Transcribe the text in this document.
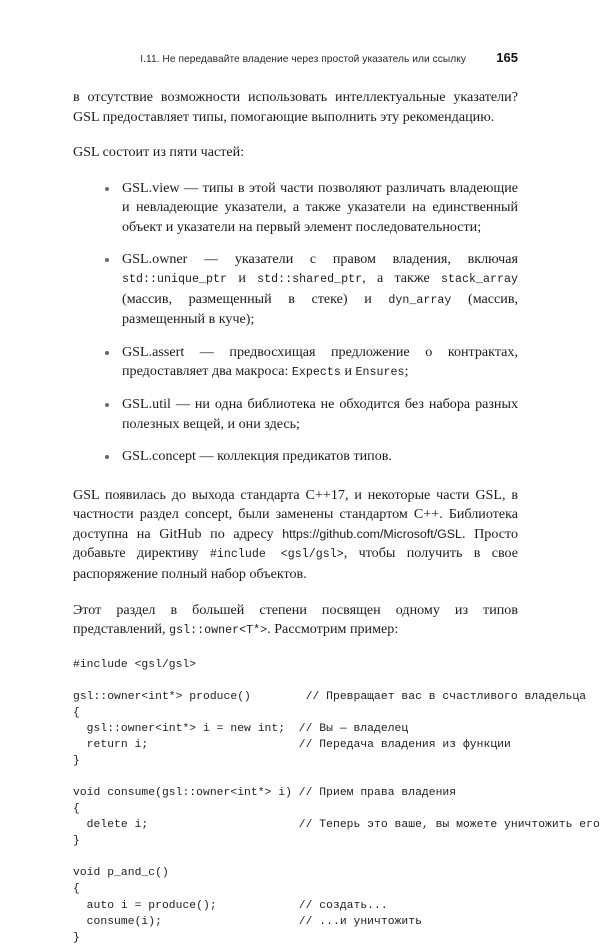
I.11. Не передавайте владение через простой указатель или ссылку	165

в отсутствие возможности использовать интеллектуальные указатели? GSL предоставляет типы, помогающие выполнить эту рекомендацию.

GSL состоит из пяти частей:

GSL.view — типы в этой части позволяют различать владеющие и невладеющие указатели, а также указатели на единственный объект и указатели на первый элемент последовательности;
GSL.owner — указатели с правом владения, включая std::unique_ptr и std::shared_ptr, а также stack_array (массив, размещенный в стеке) и dyn_array (массив, размещенный в куче);
GSL.assert — предвосхищая предложение о контрактах, предоставляет два макроса: Expects и Ensures;
GSL.util — ни одна библиотека не обходится без набора разных полезных вещей, и они здесь;
GSL.concept — коллекция предикатов типов.

GSL появилась до выхода стандарта C++17, и некоторые части GSL, в частности раздел concept, были заменены стандартом C++. Библиотека доступна на GitHub по адресу https://github.com/Microsoft/GSL. Просто добавьте директиву #include <gsl/gsl>, чтобы получить в свое распоряжение полный набор объектов.

Этот раздел в большей степени посвящен одному из типов представлений, gsl::owner<T*>. Рассмотрим пример:

#include <gsl/gsl>

gsl::owner<int*> produce()        // Превращает вас в счастливого владельца
{
gsl::owner<int*> i = new int;  // Вы — владелец
return i;                      // Передача владения из функции
}

void consume(gsl::owner<int*> i) // Прием права владения
{
delete i;                      // Теперь это ваше, вы можете уничтожить его
}

void p_and_c()
{
auto i = produce();            // создать...
consume(i);                    // ...и уничтожить
}
